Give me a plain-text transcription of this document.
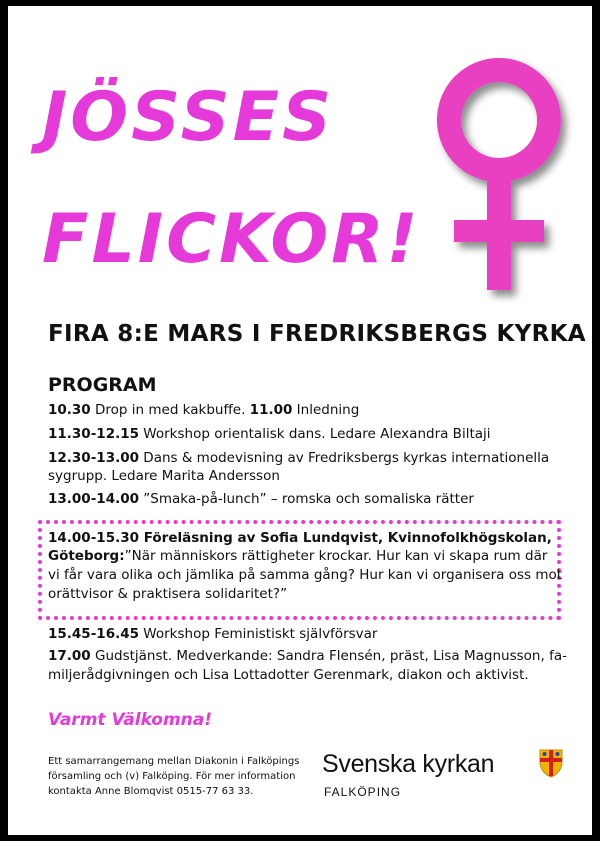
JÖSSES
FLICKOR!
FIRA 8:E MARS I FREDRIKSBERGS KYRKA
PROGRAM
10.30 Drop in med kakbuffe. 11.00 Inledning
11.30-12.15 Workshop orientalisk dans. Ledare Alexandra Biltaji
12.30-13.00 Dans & modevisning av Fredriksbergs kyrkas internationella
sygrupp. Ledare Marita Andersson
13.00-14.00 ”Smaka-på-lunch” – romska och somaliska rätter
14.00-15.30 Föreläsning av Sofia Lundqvist, Kvinnofolkhögskolan,
Göteborg:”När människors rättigheter krockar. Hur kan vi skapa rum där
vi får vara olika och jämlika på samma gång? Hur kan vi organisera oss mot
orättvisor & praktisera solidaritet?”
15.45-16.45 Workshop Feministiskt självförsvar
17.00 Gudstjänst. Medverkande: Sandra Flensén, präst, Lisa Magnusson, fa-
miljerådgivningen och Lisa Lottadotter Gerenmark, diakon och aktivist.
Varmt Välkomna!
Ett samarrangemang mellan Diakonin i Falköpings
församling och (v) Falköping. För mer information
kontakta Anne Blomqvist 0515-77 63 33.
Svenska kyrkan
FALKÖPING
